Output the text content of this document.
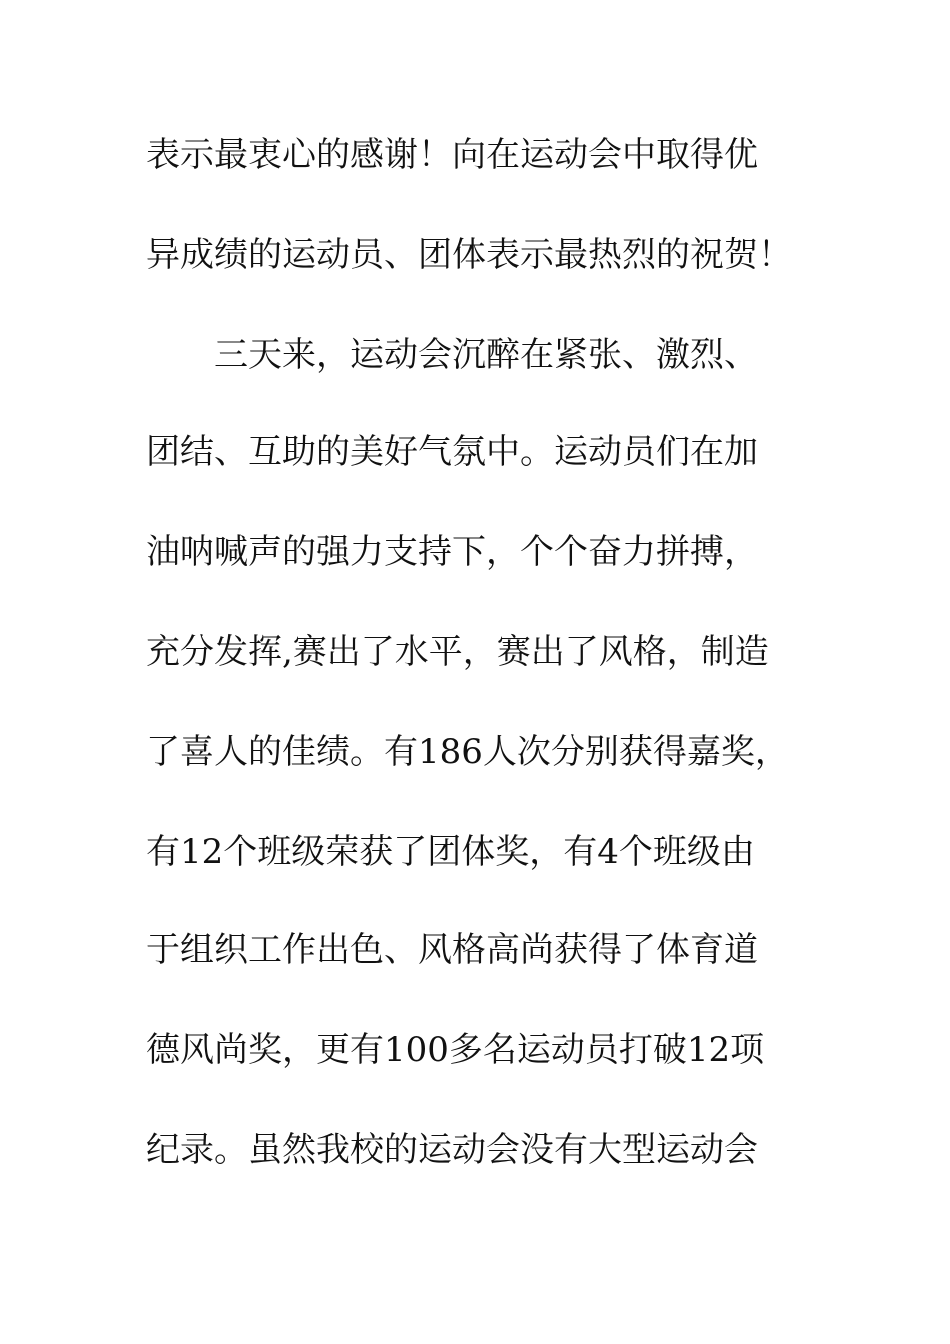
表示最衷心的感谢！向在运动会中取得优
异成绩的运动员、团体表示最热烈的祝贺！
三天来，运动会沉醉在紧张、激烈、
团结、互助的美好气氛中。运动员们在加
油呐喊声的强力支持下，个个奋力拼搏，
充分发挥,赛出了水平，赛出了风格，制造
了喜人的佳绩。有186人次分别获得嘉奖，
有12个班级荣获了团体奖，有4个班级由
于组织工作出色、风格高尚获得了体育道
德风尚奖，更有100多名运动员打破12项
纪录。虽然我校的运动会没有大型运动会
